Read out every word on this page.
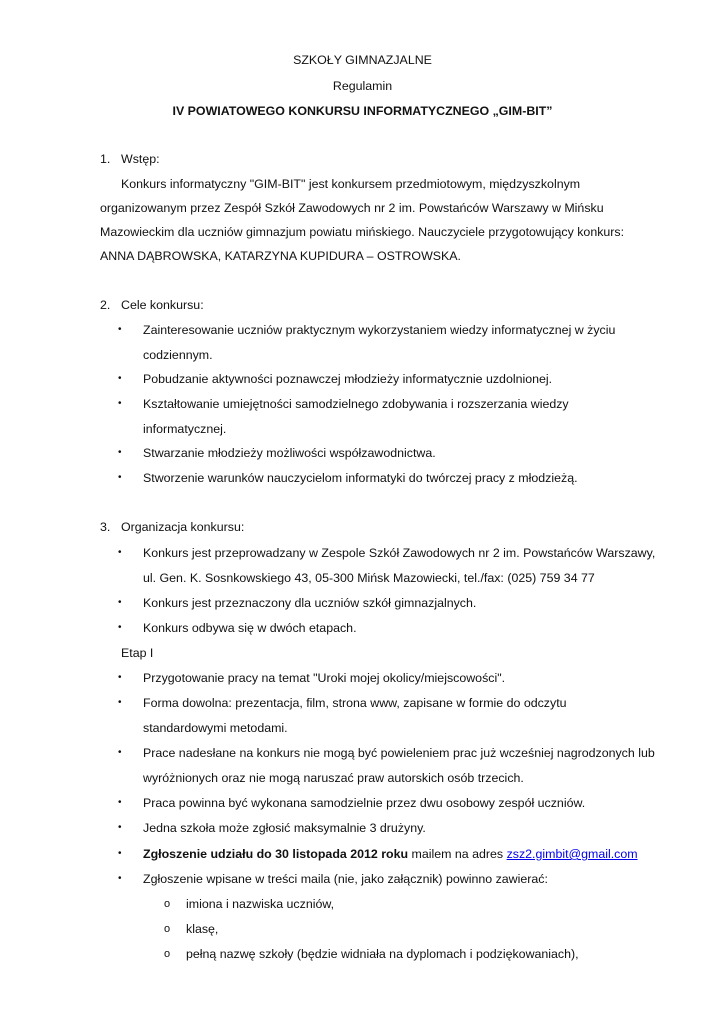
SZKOŁY GIMNAZJALNE
Regulamin
IV POWIATOWEGO KONKURSU INFORMATYCZNEGO „GIM-BIT”
1. Wstęp:
Konkurs informatyczny "GIM-BIT" jest konkursem przedmiotowym, międzyszkolnym
organizowanym przez Zespół Szkół Zawodowych nr 2 im. Powstańców Warszawy w Mińsku
Mazowieckim dla uczniów gimnazjum powiatu mińskiego. Nauczyciele przygotowujący konkurs:
ANNA DĄBROWSKA, KATARZYNA KUPIDURA – OSTROWSKA.
2. Cele konkursu:
• Zainteresowanie uczniów praktycznym wykorzystaniem wiedzy informatycznej w życiu
codziennym.
• Pobudzanie aktywności poznawczej młodzieży informatycznie uzdolnionej.
• Kształtowanie umiejętności samodzielnego zdobywania i rozszerzania wiedzy
informatycznej.
• Stwarzanie młodzieży możliwości współzawodnictwa.
• Stworzenie warunków nauczycielom informatyki do twórczej pracy z młodzieżą.
3. Organizacja konkursu:
• Konkurs jest przeprowadzany w Zespole Szkół Zawodowych nr 2 im. Powstańców Warszawy,
ul. Gen. K. Sosnkowskiego 43, 05-300 Mińsk Mazowiecki, tel./fax: (025) 759 34 77
• Konkurs jest przeznaczony dla uczniów szkół gimnazjalnych.
• Konkurs odbywa się w dwóch etapach.
Etap I
• Przygotowanie pracy na temat "Uroki mojej okolicy/miejscowości".
• Forma dowolna: prezentacja, film, strona www, zapisane w formie do odczytu
standardowymi metodami.
• Prace nadesłane na konkurs nie mogą być powieleniem prac już wcześniej nagrodzonych lub
wyróżnionych oraz nie mogą naruszać praw autorskich osób trzecich.
• Praca powinna być wykonana samodzielnie przez dwu osobowy zespół uczniów.
• Jedna szkoła może zgłosić maksymalnie 3 drużyny.
• Zgłoszenie udziału do 30 listopada 2012 roku mailem na adres zsz2.gimbit@gmail.com
• Zgłoszenie wpisane w treści maila (nie, jako załącznik) powinno zawierać:
o imiona i nazwiska uczniów,
o klasę,
o pełną nazwę szkoły (będzie widniała na dyplomach i podziękowaniach),
